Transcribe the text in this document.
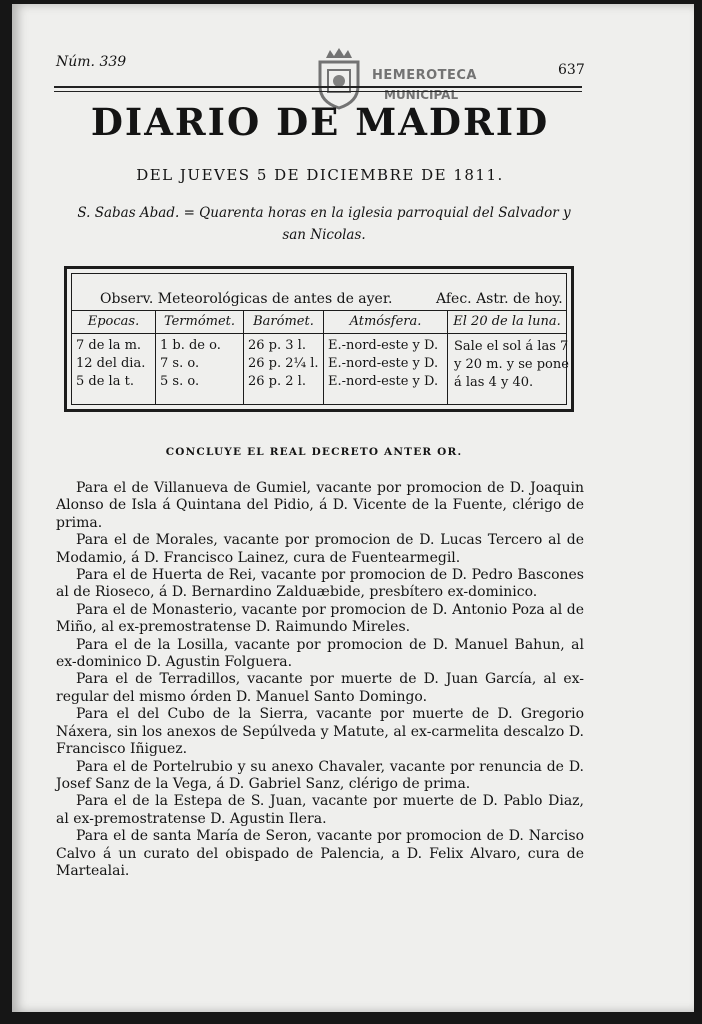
Núm. 339	637
HEMEROTECA
MUNICIPAL
DIARIO DE MADRID
DEL JUEVES 5 DE DICIEMBRE DE 1811.
S. Sabas Abad. = Quarenta horas en la iglesia parroquial del Salvador y san Nicolas.
Observ. Meteorológicas de antes de ayer.	Afec. Astr. de hoy.
Epocas.
7 de la m.
12 del dia.
5 de la t.
Termómet.
1 b. de o.
7 s. o.
5 s. o.
Barómet.
26 p. 3 l.
26 p. 2¼ l.
26 p. 2 l.
Atmósfera.
E.-nord-este y D.
E.-nord-este y D.
E.-nord-este y D.
El 20 de la luna.
Sale el sol á las 7 y 20 m. y se pone á las 4 y 40.
CONCLUYE EL REAL DECRETO ANTER OR.

Para el de Villanueva de Gumiel, vacante por promocion de D. Joaquin Alonso de Isla á Quintana del Pidio, á D. Vicente de la Fuente, clérigo de prima.

Para el de Morales, vacante por promocion de D. Lucas Tercero al de Modamio, á D. Francisco Lainez, cura de Fuentearmegil.

Para el de Huerta de Rei, vacante por promocion de D. Pedro Bascones al de Rioseco, á D. Bernardino Zalduæbide, presbítero ex-dominico.

Para el de Monasterio, vacante por promocion de D. Antonio Poza al de Miño, al ex-premostratense D. Raimundo Mireles.

Para el de la Losilla, vacante por promocion de D. Manuel Bahun, al ex-dominico D. Agustin Folguera.

Para el de Terradillos, vacante por muerte de D. Juan García, al ex-regular del mismo órden D. Manuel Santo Domingo.

Para el del Cubo de la Sierra, vacante por muerte de D. Gregorio Náxera, sin los anexos de Sepúlveda y Matute, al ex-carmelita descalzo D. Francisco Iñiguez.

Para el de Portelrubio y su anexo Chavaler, vacante por renuncia de D. Josef Sanz de la Vega, á D. Gabriel Sanz, clérigo de prima.

Para el de la Estepa de S. Juan, vacante por muerte de D. Pablo Diaz, al ex-premostratense D. Agustin Ilera.

Para el de santa María de Seron, vacante por promocion de D. Narciso Calvo á un curato del obispado de Palencia, a D. Felix Alvaro, cura de Martealai.
